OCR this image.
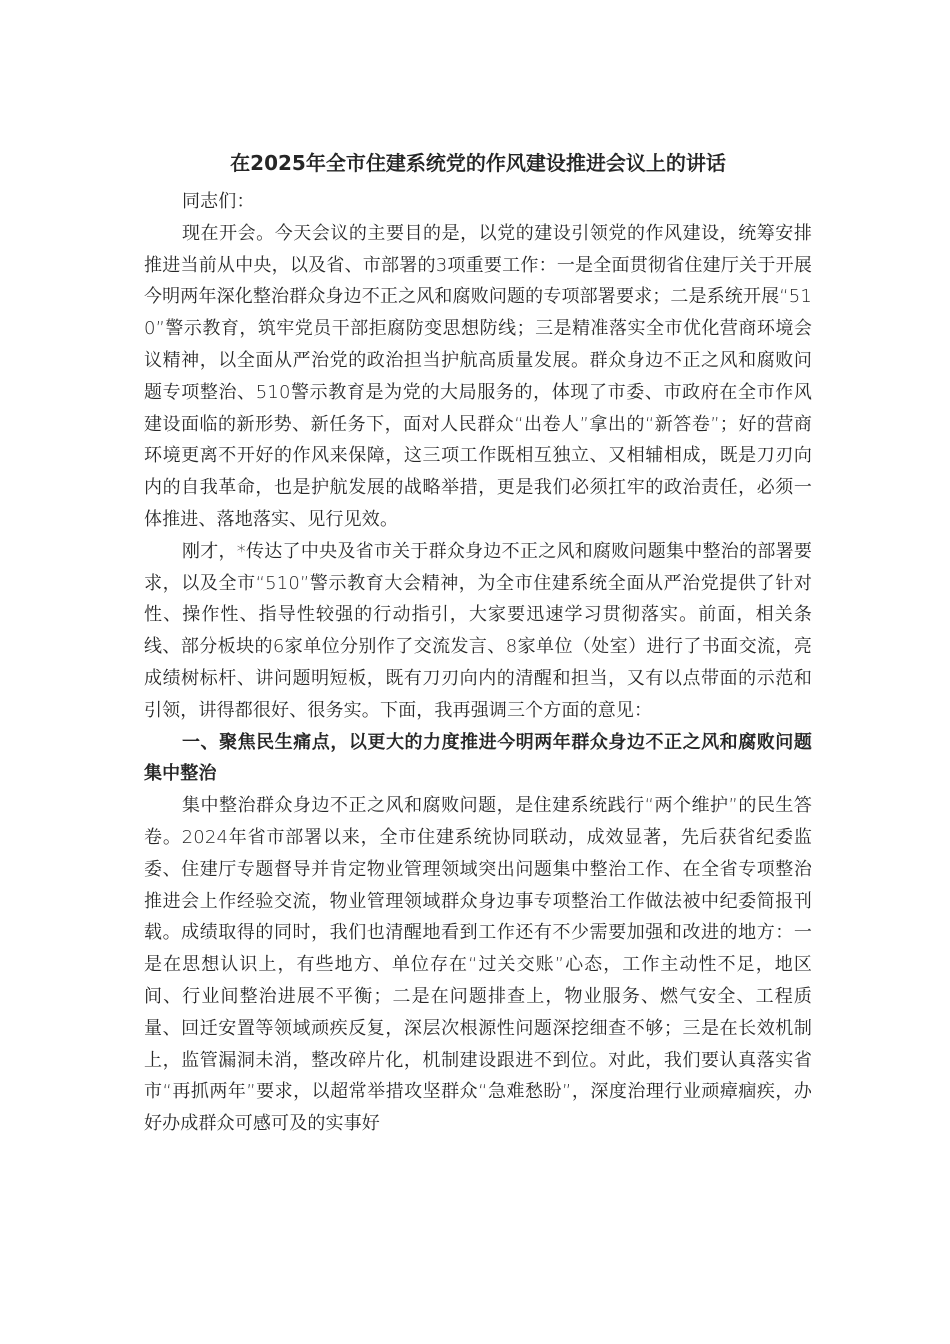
在2025年全市住建系统党的作风建设推进会议上的讲话

同志们：

现在开会。今天会议的主要目的是，以党的建设引领党的作风建设，统筹安排推进当前从中央，以及省、市部署的3项重要工作：一是全面贯彻省住建厅关于开展今明两年深化整治群众身边不正之风和腐败问题的专项部署要求；二是系统开展“510”警示教育，筑牢党员干部拒腐防变思想防线；三是精准落实全市优化营商环境会议精神，以全面从严治党的政治担当护航高质量发展。群众身边不正之风和腐败问题专项整治、510警示教育是为党的大局服务的，体现了市委、市政府在全市作风建设面临的新形势、新任务下，面对人民群众“出卷人”拿出的“新答卷”；好的营商环境更离不开好的作风来保障，这三项工作既相互独立、又相辅相成，既是刀刃向内的自我革命，也是护航发展的战略举措，更是我们必须扛牢的政治责任，必须一体推进、落地落实、见行见效。

刚才，*传达了中央及省市关于群众身边不正之风和腐败问题集中整治的部署要求，以及全市“510”警示教育大会精神，为全市住建系统全面从严治党提供了针对性、操作性、指导性较强的行动指引，大家要迅速学习贯彻落实。前面，相关条线、部分板块的6家单位分别作了交流发言、8家单位（处室）进行了书面交流，亮成绩树标杆、讲问题明短板，既有刀刃向内的清醒和担当，又有以点带面的示范和引领，讲得都很好、很务实。下面，我再强调三个方面的意见：

一、聚焦民生痛点，以更大的力度推进今明两年群众身边不正之风和腐败问题集中整治

集中整治群众身边不正之风和腐败问题，是住建系统践行“两个维护”的民生答卷。2024年省市部署以来，全市住建系统协同联动，成效显著，先后获省纪委监委、住建厅专题督导并肯定物业管理领域突出问题集中整治工作、在全省专项整治推进会上作经验交流，物业管理领域群众身边事专项整治工作做法被中纪委简报刊载。成绩取得的同时，我们也清醒地看到工作还有不少需要加强和改进的地方：一是在思想认识上，有些地方、单位存在“过关交账”心态，工作主动性不足，地区间、行业间整治进展不平衡；二是在问题排查上，物业服务、燃气安全、工程质量、回迁安置等领域顽疾反复，深层次根源性问题深挖细查不够；三是在长效机制上，监管漏洞未消，整改碎片化，机制建设跟进不到位。对此，我们要认真落实省市“再抓两年”要求，以超常举措攻坚群众“急难愁盼”，深度治理行业顽瘴痼疾，办好办成群众可感可及的实事好
